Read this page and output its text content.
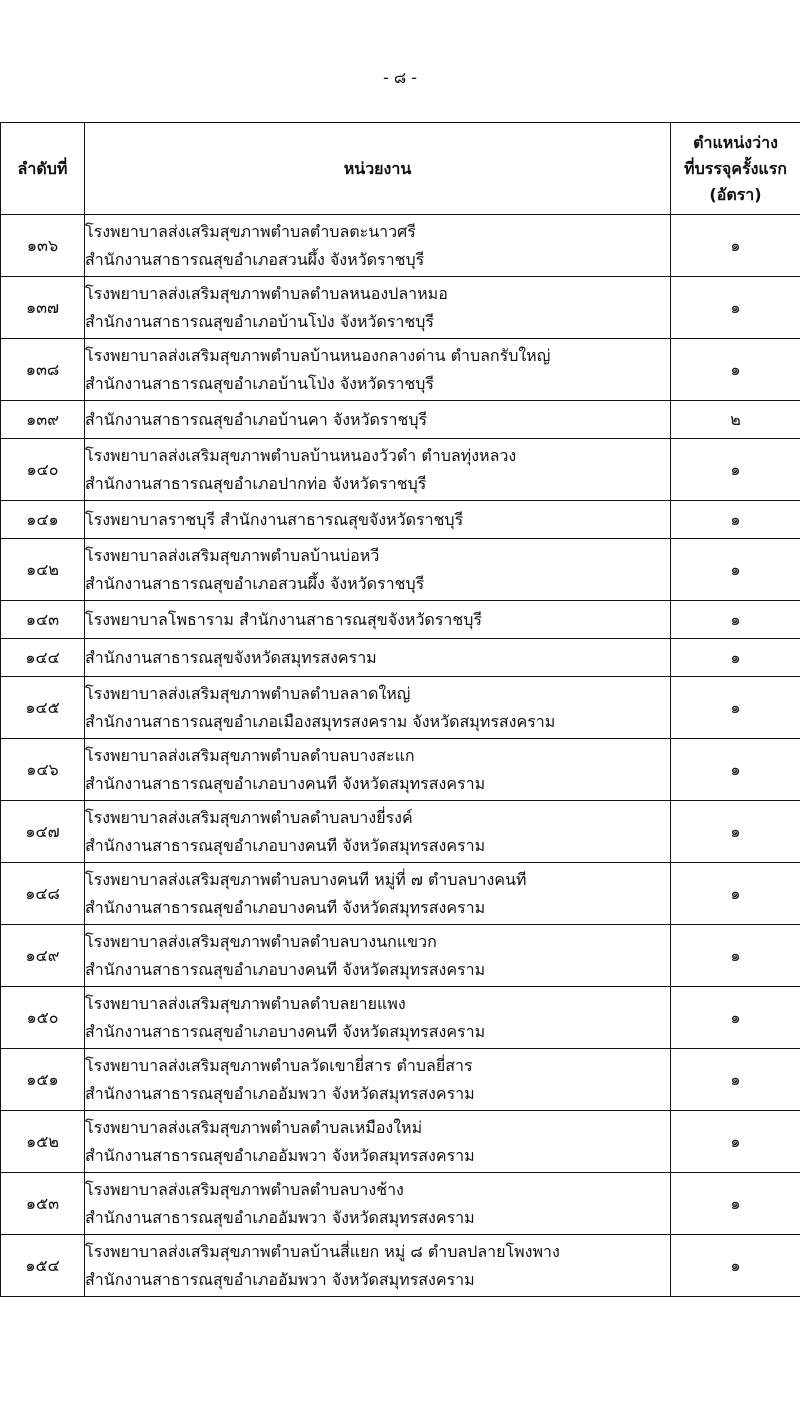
- ๘ -
ลำดับที่	หน่วยงาน	ตำแหน่งว่าง
ที่บรรจุครั้งแรก
(อัตรา)

๑๓๖	โรงพยาบาลส่งเสริมสุขภาพตำบลตำบลตะนาวศรี
สำนักงานสาธารณสุขอำเภอสวนผึ้ง จังหวัดราชบุรี	๑
๑๓๗	โรงพยาบาลส่งเสริมสุขภาพตำบลตำบลหนองปลาหมอ
สำนักงานสาธารณสุขอำเภอบ้านโป่ง จังหวัดราชบุรี	๑
๑๓๘	โรงพยาบาลส่งเสริมสุขภาพตำบลบ้านหนองกลางด่าน ตำบลกรับใหญ่
สำนักงานสาธารณสุขอำเภอบ้านโป่ง จังหวัดราชบุรี	๑
๑๓๙	สำนักงานสาธารณสุขอำเภอบ้านคา จังหวัดราชบุรี	๒
๑๔๐	โรงพยาบาลส่งเสริมสุขภาพตำบลบ้านหนองวัวดำ ตำบลทุ่งหลวง
สำนักงานสาธารณสุขอำเภอปากท่อ จังหวัดราชบุรี	๑
๑๔๑	โรงพยาบาลราชบุรี สำนักงานสาธารณสุขจังหวัดราชบุรี	๑
๑๔๒	โรงพยาบาลส่งเสริมสุขภาพตำบลบ้านบ่อหวี
สำนักงานสาธารณสุขอำเภอสวนผึ้ง จังหวัดราชบุรี	๑
๑๔๓	โรงพยาบาลโพธาราม สำนักงานสาธารณสุขจังหวัดราชบุรี	๑
๑๔๔	สำนักงานสาธารณสุขจังหวัดสมุทรสงคราม	๑
๑๔๕	โรงพยาบาลส่งเสริมสุขภาพตำบลตำบลลาดใหญ่
สำนักงานสาธารณสุขอำเภอเมืองสมุทรสงคราม จังหวัดสมุทรสงคราม	๑
๑๔๖	โรงพยาบาลส่งเสริมสุขภาพตำบลตำบลบางสะแก
สำนักงานสาธารณสุขอำเภอบางคนที จังหวัดสมุทรสงคราม	๑
๑๔๗	โรงพยาบาลส่งเสริมสุขภาพตำบลตำบลบางยี่รงค์
สำนักงานสาธารณสุขอำเภอบางคนที จังหวัดสมุทรสงคราม	๑
๑๔๘	โรงพยาบาลส่งเสริมสุขภาพตำบลบางคนที หมู่ที่ ๗ ตำบลบางคนที
สำนักงานสาธารณสุขอำเภอบางคนที จังหวัดสมุทรสงคราม	๑
๑๔๙	โรงพยาบาลส่งเสริมสุขภาพตำบลตำบลบางนกแขวก
สำนักงานสาธารณสุขอำเภอบางคนที จังหวัดสมุทรสงคราม	๑
๑๕๐	โรงพยาบาลส่งเสริมสุขภาพตำบลตำบลยายแพง
สำนักงานสาธารณสุขอำเภอบางคนที จังหวัดสมุทรสงคราม	๑
๑๕๑	โรงพยาบาลส่งเสริมสุขภาพตำบลวัดเขายี่สาร ตำบลยี่สาร
สำนักงานสาธารณสุขอำเภออัมพวา จังหวัดสมุทรสงคราม	๑
๑๕๒	โรงพยาบาลส่งเสริมสุขภาพตำบลตำบลเหมืองใหม่
สำนักงานสาธารณสุขอำเภออัมพวา จังหวัดสมุทรสงคราม	๑
๑๕๓	โรงพยาบาลส่งเสริมสุขภาพตำบลตำบลบางช้าง
สำนักงานสาธารณสุขอำเภออัมพวา จังหวัดสมุทรสงคราม	๑
๑๕๔	โรงพยาบาลส่งเสริมสุขภาพตำบลบ้านสี่แยก หมู่ ๘ ตำบลปลายโพงพาง
สำนักงานสาธารณสุขอำเภออัมพวา จังหวัดสมุทรสงคราม	๑
